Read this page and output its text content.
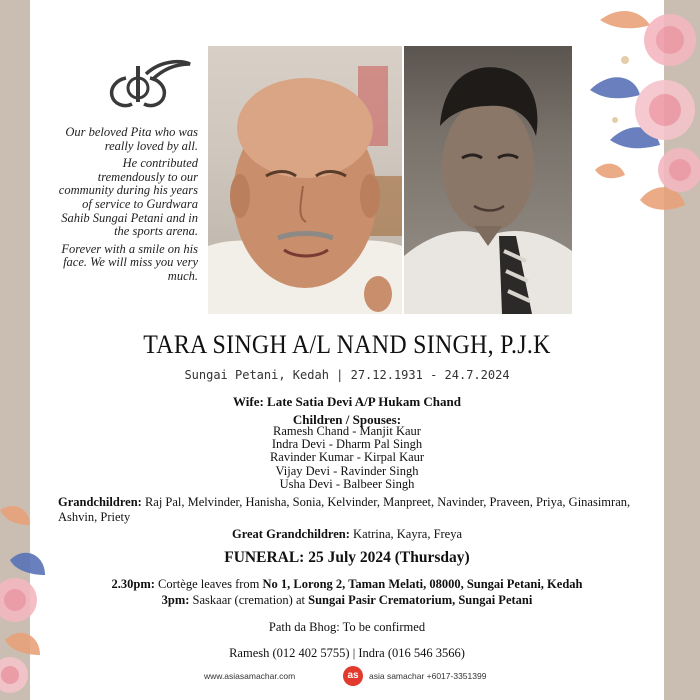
Our beloved Pita who was really loved by all.

He contributed tremendously to our community during his years of service to Gurdwara Sahib Sungai Petani and in the sports arena.

Forever with a smile on his face. We will miss you very much.

TARA SINGH A/L NAND SINGH, P.J.K
Sungai Petani, Kedah | 27.12.1931 - 24.7.2024
Wife: Late Satia Devi A/P Hukam Chand
Children / Spouses:
Ramesh Chand - Manjit Kaur
Indra Devi - Dharm Pal Singh
Ravinder Kumar - Kirpal Kaur
Vijay Devi - Ravinder Singh
Usha Devi - Balbeer Singh
Grandchildren: Raj Pal, Melvinder, Hanisha, Sonia, Kelvinder, Manpreet, Navinder, Praveen, Priya, Ginasimran, Ashvin, Priety
Great Grandchildren: Katrina, Kayra, Freya
FUNERAL: 25 July 2024 (Thursday)
2.30pm: Cortège leaves from No 1, Lorong 2, Taman Melati, 08000, Sungai Petani, Kedah
3pm: Saskaar (cremation) at Sungai Pasir Crematorium, Sungai Petani
Path da Bhog: To be confirmed
Ramesh (012 402 5755) | Indra (016 546 3566)
www.asiasamachar.com	as	asia samachar +6017-3351399
